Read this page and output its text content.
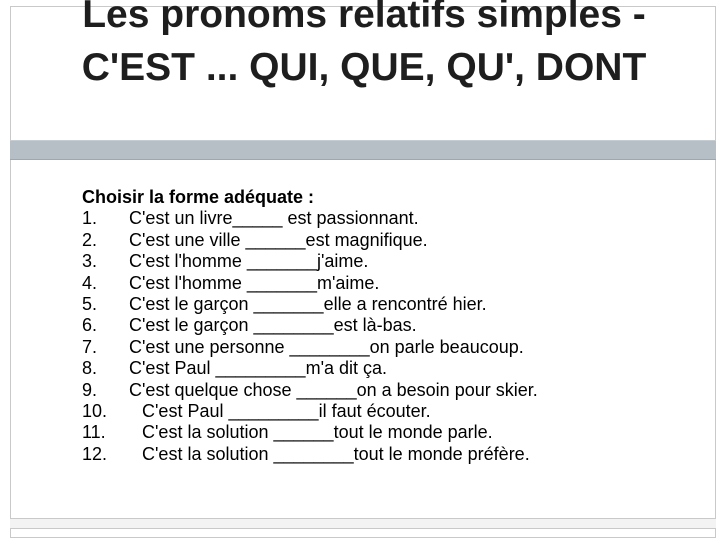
Les pronoms relatifs simples - C'EST ... QUI, QUE, QU', DONT
Choisir la forme adéquate :
1.	C'est un livre_____ est passionnant.
2.	C'est une ville ______est magnifique.
3.	C'est l'homme _______j'aime.
4.	C'est l'homme _______m'aime.
5.	C'est le garçon _______elle a rencontré hier.
6.	C'est le garçon ________est là-bas.
7.	C'est une personne ________on parle beaucoup.
8.	C'est Paul _________m'a dit ça.
9.	C'est quelque chose ______on a besoin pour skier.
10.	C'est Paul _________il faut écouter.
11.	C'est la solution ______tout le monde parle.
12.	C'est la solution ________tout le monde préfère.
